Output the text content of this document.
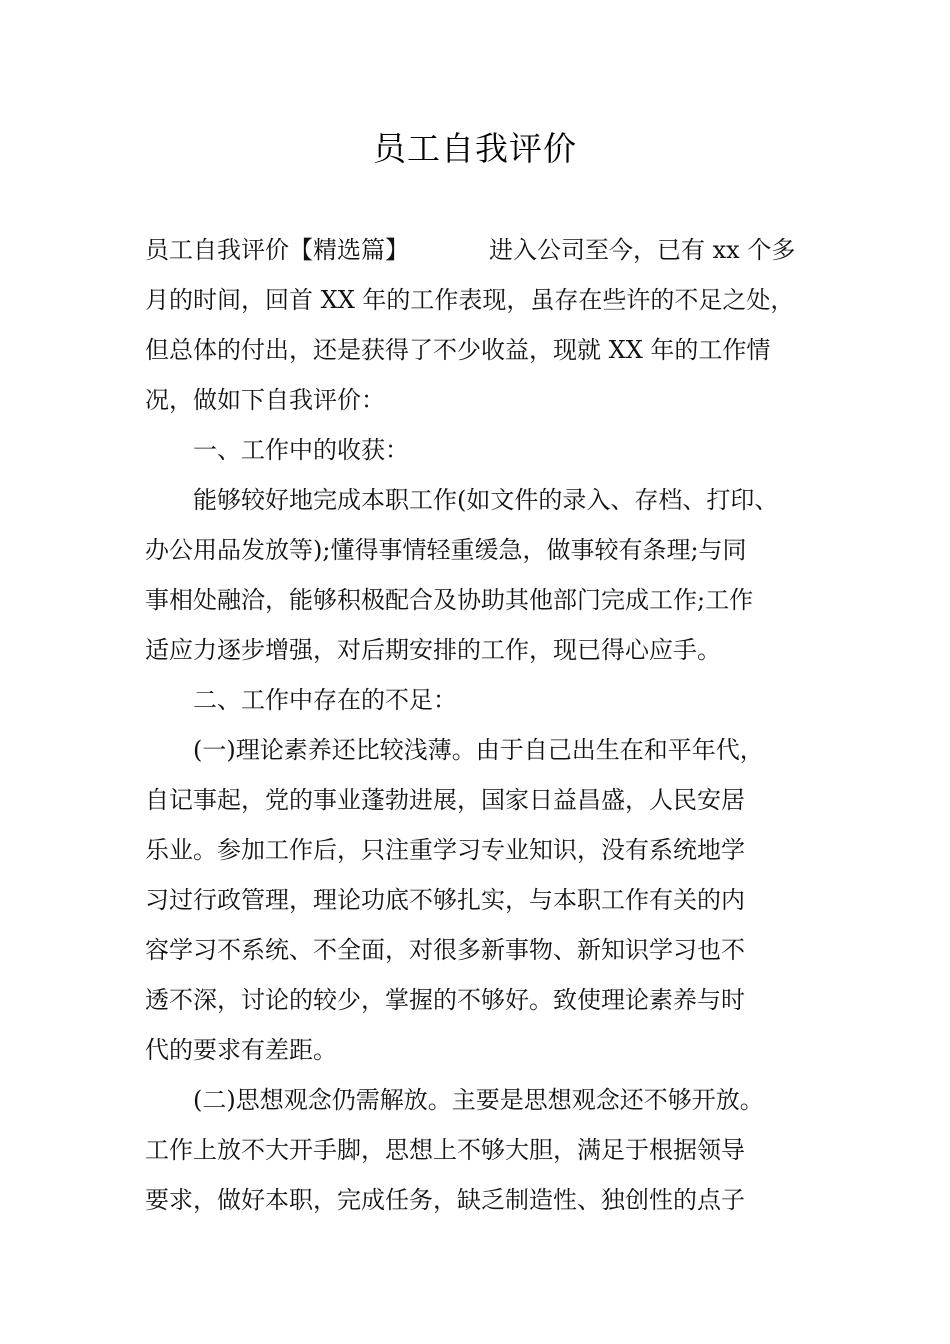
员工自我评价
员工自我评价【精选篇】	进入公司至今，已有 xx 个多
月的时间，回首 XX 年的工作表现，虽存在些许的不足之处，
但总体的付出，还是获得了不少收益，现就 XX 年的工作情
况，做如下自我评价：
一、工作中的收获：
能够较好地完成本职工作(如文件的录入、存档、打印、
办公用品发放等);懂得事情轻重缓急，做事较有条理;与同
事相处融洽，能够积极配合及协助其他部门完成工作;工作
适应力逐步增强，对后期安排的工作，现已得心应手。
二、工作中存在的不足：
(一)理论素养还比较浅薄。由于自己出生在和平年代，
自记事起，党的事业蓬勃进展，国家日益昌盛，人民安居
乐业。参加工作后，只注重学习专业知识，没有系统地学
习过行政管理，理论功底不够扎实，与本职工作有关的内
容学习不系统、不全面，对很多新事物、新知识学习也不
透不深，讨论的较少，掌握的不够好。致使理论素养与时
代的要求有差距。
(二)思想观念仍需解放。主要是思想观念还不够开放。
工作上放不大开手脚，思想上不够大胆，满足于根据领导
要求，做好本职，完成任务，缺乏制造性、独创性的点子
